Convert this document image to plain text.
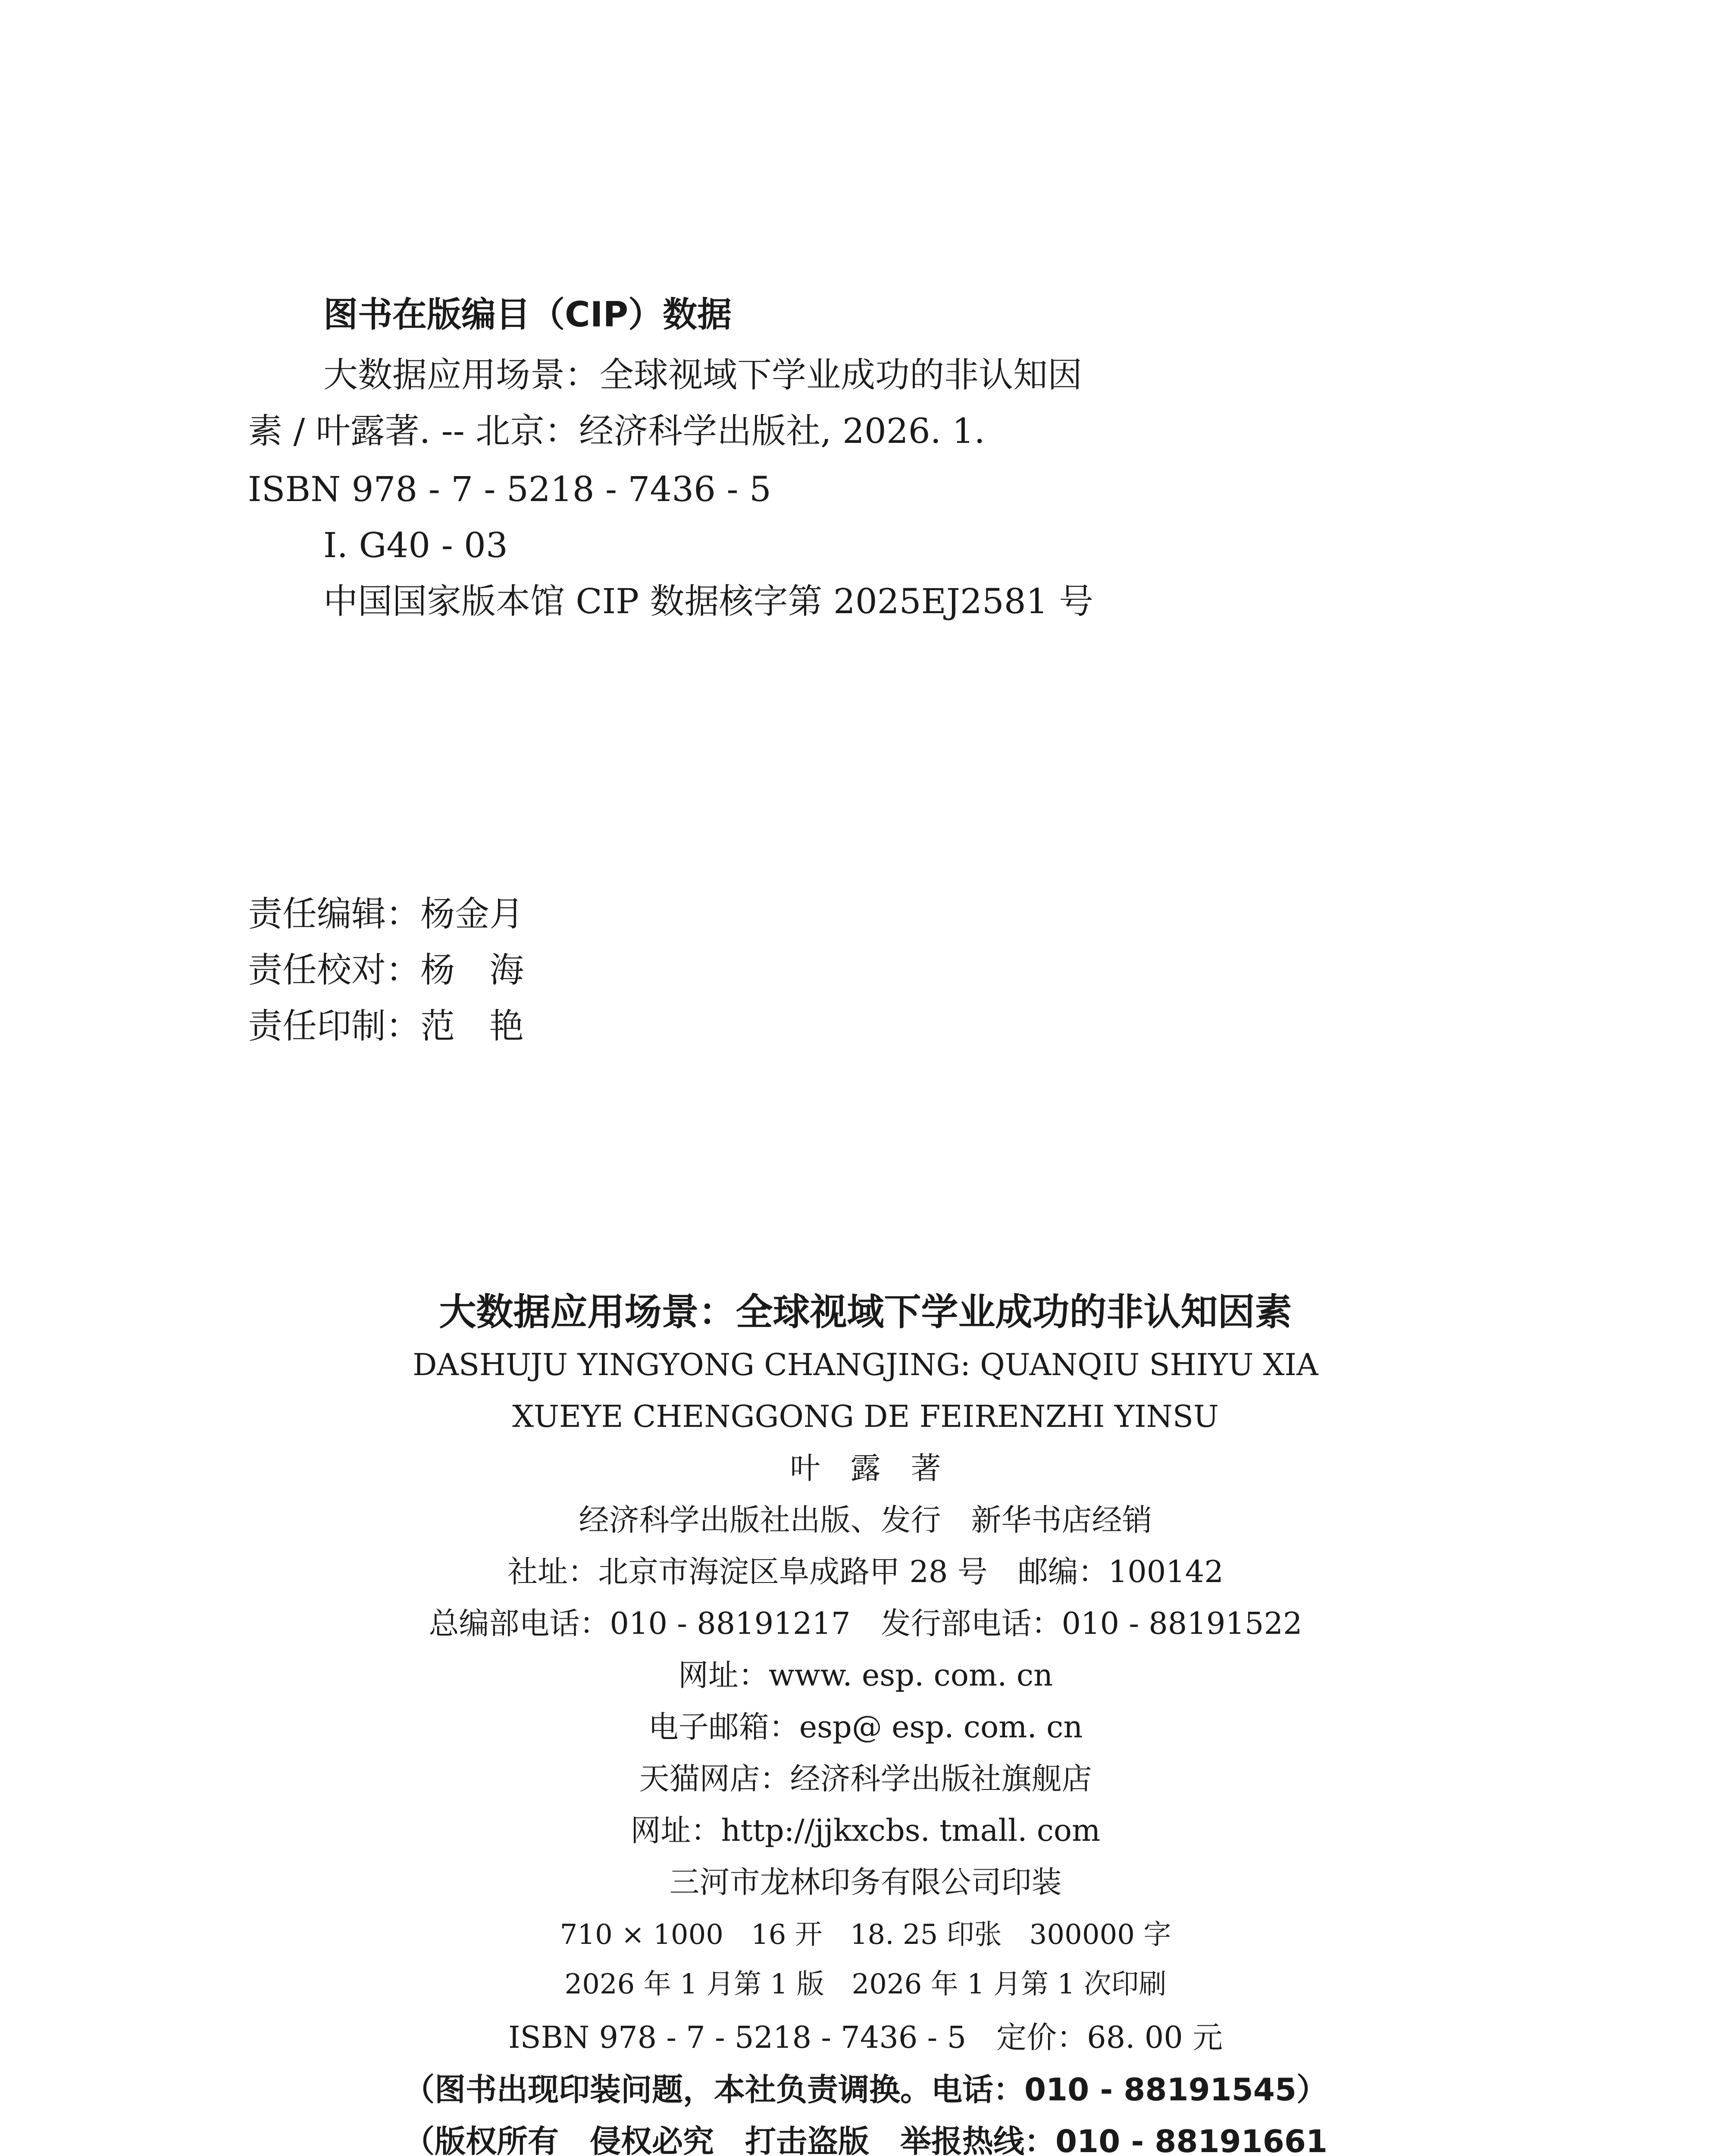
图书在版编目（CIP）数据
大数据应用场景：全球视域下学业成功的非认知因
素 / 叶露著. -- 北京：经济科学出版社, 2026. 1.
ISBN 978 - 7 - 5218 - 7436 - 5
Ⅰ. G40 - 03
中国国家版本馆 CIP 数据核字第 2025EJ2581 号
责任编辑：杨金月
责任校对：杨　海
责任印制：范　艳
大数据应用场景：全球视域下学业成功的非认知因素
DASHUJU YINGYONG CHANGJING: QUANQIU SHIYU XIA
XUEYE CHENGGONG DE FEIRENZHI YINSU
叶　露　著
经济科学出版社出版、发行　新华书店经销
社址：北京市海淀区阜成路甲 28 号　邮编：100142
总编部电话：010 - 88191217　发行部电话：010 - 88191522
网址：www. esp. com. cn
电子邮箱：esp@ esp. com. cn
天猫网店：经济科学出版社旗舰店
网址：http://jjkxcbs. tmall. com
三河市龙林印务有限公司印装
710 × 1000　16 开　18. 25 印张　300000 字
2026 年 1 月第 1 版　2026 年 1 月第 1 次印刷
ISBN 978 - 7 - 5218 - 7436 - 5　定价：68. 00 元
（图书出现印装问题，本社负责调换。电话：010 - 88191545）
（版权所有　侵权必究　打击盗版　举报热线：010 - 88191661
